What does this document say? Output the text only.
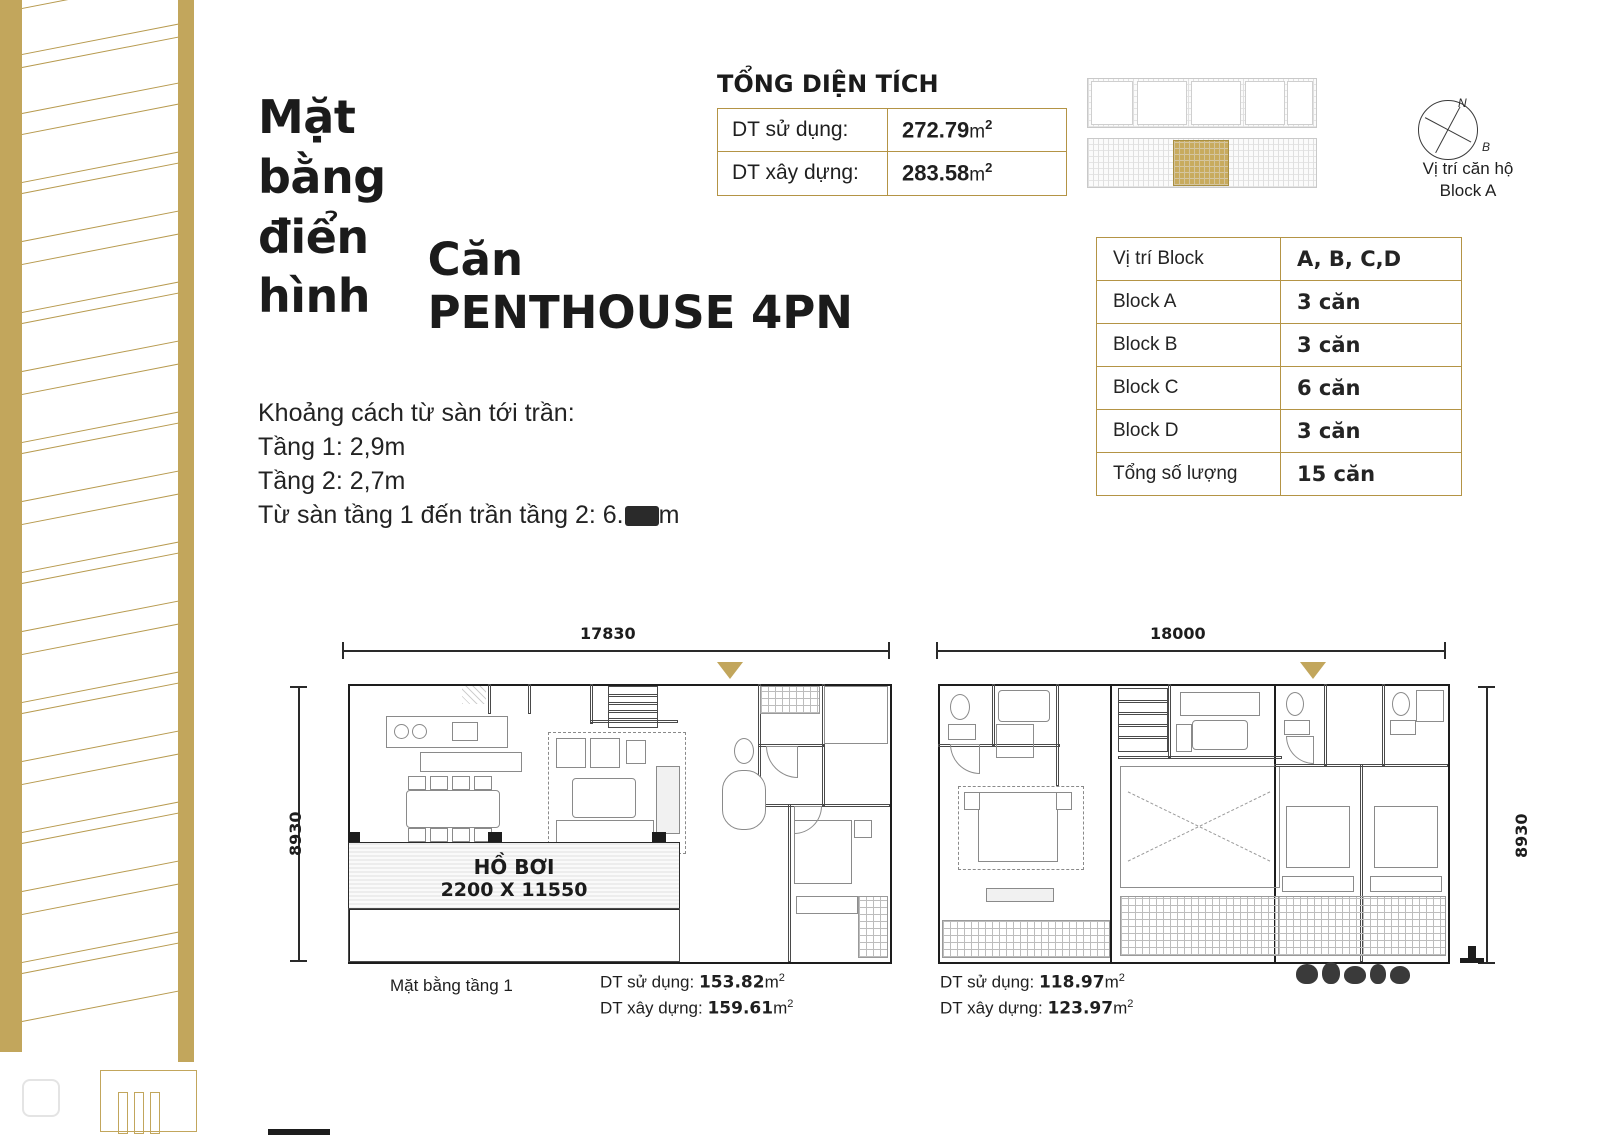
Mặt
bằng
điển
hình
Căn
PENTHOUSE 4PN
Khoảng cách từ sàn tới trần:
Tầng 1: 2,9m
Tầng 2: 2,7m
Từ sàn tầng 1 đến trần tầng 2: 6. m
TỔNG DIỆN TÍCH
DT sử dụng:	$272.79m^2$
DT xây dựng:	$283.58m^2$
N
B
Vị trí căn hộ
Block A
Vị trí Block	A, B, C,D
Block A	3 căn
Block B	3 căn
Block C	6 căn
Block D	3 căn
Tổng số lượng	15 căn
17830
8930
HỒ BƠI
2200 X 11550
Mặt bằng tầng 1	DT sử dụng: $153.82m^2$
DT xây dựng: $159.61m^2$
18000
8930
DT sử dụng: $118.97m^2$
DT xây dựng: $123.97m^2$
